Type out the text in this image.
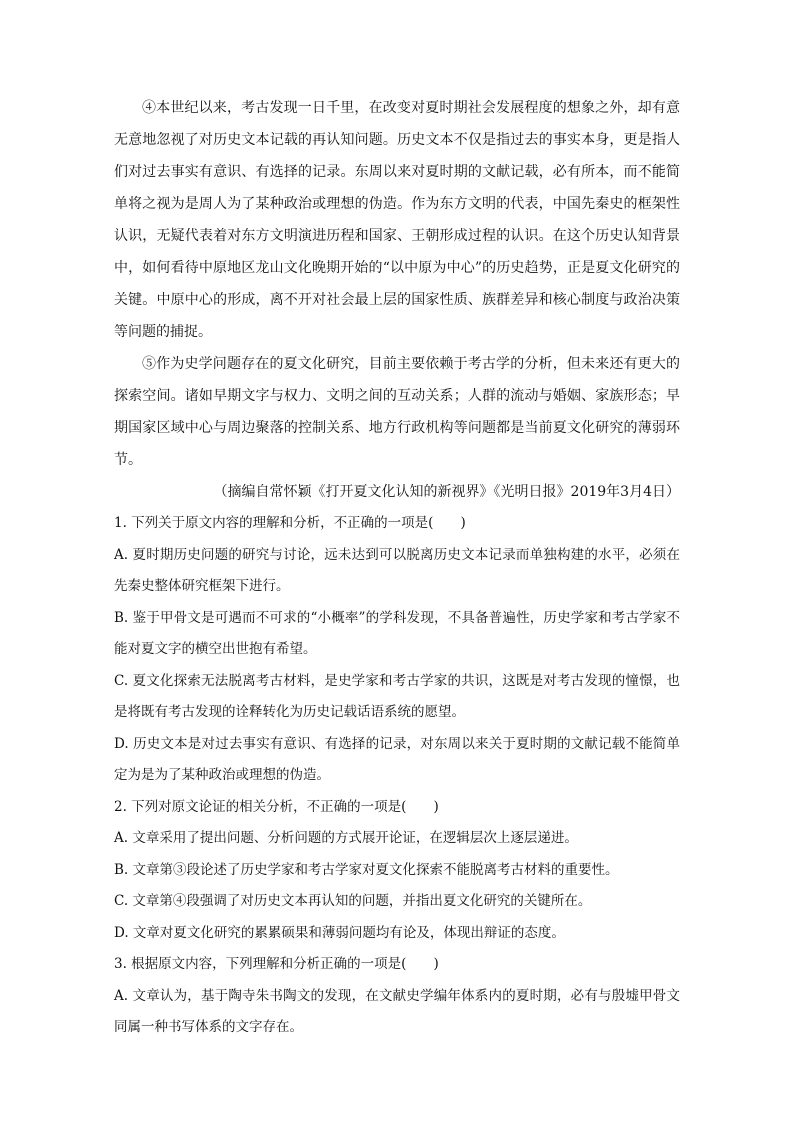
④本世纪以来，考古发现一日千里，在改变对夏时期社会发展程度的想象之外，却有意无意地忽视了对历史文本记载的再认知问题。历史文本不仅是指过去的事实本身，更是指人们对过去事实有意识、有选择的记录。东周以来对夏时期的文献记载，必有所本，而不能简单将之视为是周人为了某种政治或理想的伪造。作为东方文明的代表，中国先秦史的框架性认识，无疑代表着对东方文明演进历程和国家、王朝形成过程的认识。在这个历史认知背景中，如何看待中原地区龙山文化晚期开始的“以中原为中心”的历史趋势，正是夏文化研究的关键。中原中心的形成，离不开对社会最上层的国家性质、族群差异和核心制度与政治决策等问题的捕捉。

⑤作为史学问题存在的夏文化研究，目前主要依赖于考古学的分析，但未来还有更大的探索空间。诸如早期文字与权力、文明之间的互动关系；人群的流动与婚姻、家族形态；早期国家区域中心与周边聚落的控制关系、地方行政机构等问题都是当前夏文化研究的薄弱环节。

（摘编自常怀颖《打开夏文化认知的新视界》《光明日报》2019年3月4日）

1. 下列关于原文内容的理解和分析，不正确的一项是(　　)

A. 夏时期历史问题的研究与讨论，远未达到可以脱离历史文本记录而单独构建的水平，必须在先秦史整体研究框架下进行。

B. 鉴于甲骨文是可遇而不可求的“小概率”的学科发现，不具备普遍性，历史学家和考古学家不能对夏文字的横空出世抱有希望。

C. 夏文化探索无法脱离考古材料，是史学家和考古学家的共识，这既是对考古发现的憧憬，也是将既有考古发现的诠释转化为历史记载话语系统的愿望。

D. 历史文本是对过去事实有意识、有选择的记录，对东周以来关于夏时期的文献记载不能简单定为是为了某种政治或理想的伪造。

2. 下列对原文论证的相关分析，不正确的一项是(　　)

A. 文章采用了提出问题、分析问题的方式展开论证，在逻辑层次上逐层递进。

B. 文章第③段论述了历史学家和考古学家对夏文化探索不能脱离考古材料的重要性。

C. 文章第④段强调了对历史文本再认知的问题，并指出夏文化研究的关键所在。

D. 文章对夏文化研究的累累硕果和薄弱问题均有论及，体现出辩证的态度。

3. 根据原文内容，下列理解和分析正确的一项是(　　)

A. 文章认为，基于陶寺朱书陶文的发现，在文献史学编年体系内的夏时期，必有与殷墟甲骨文同属一种书写体系的文字存在。
